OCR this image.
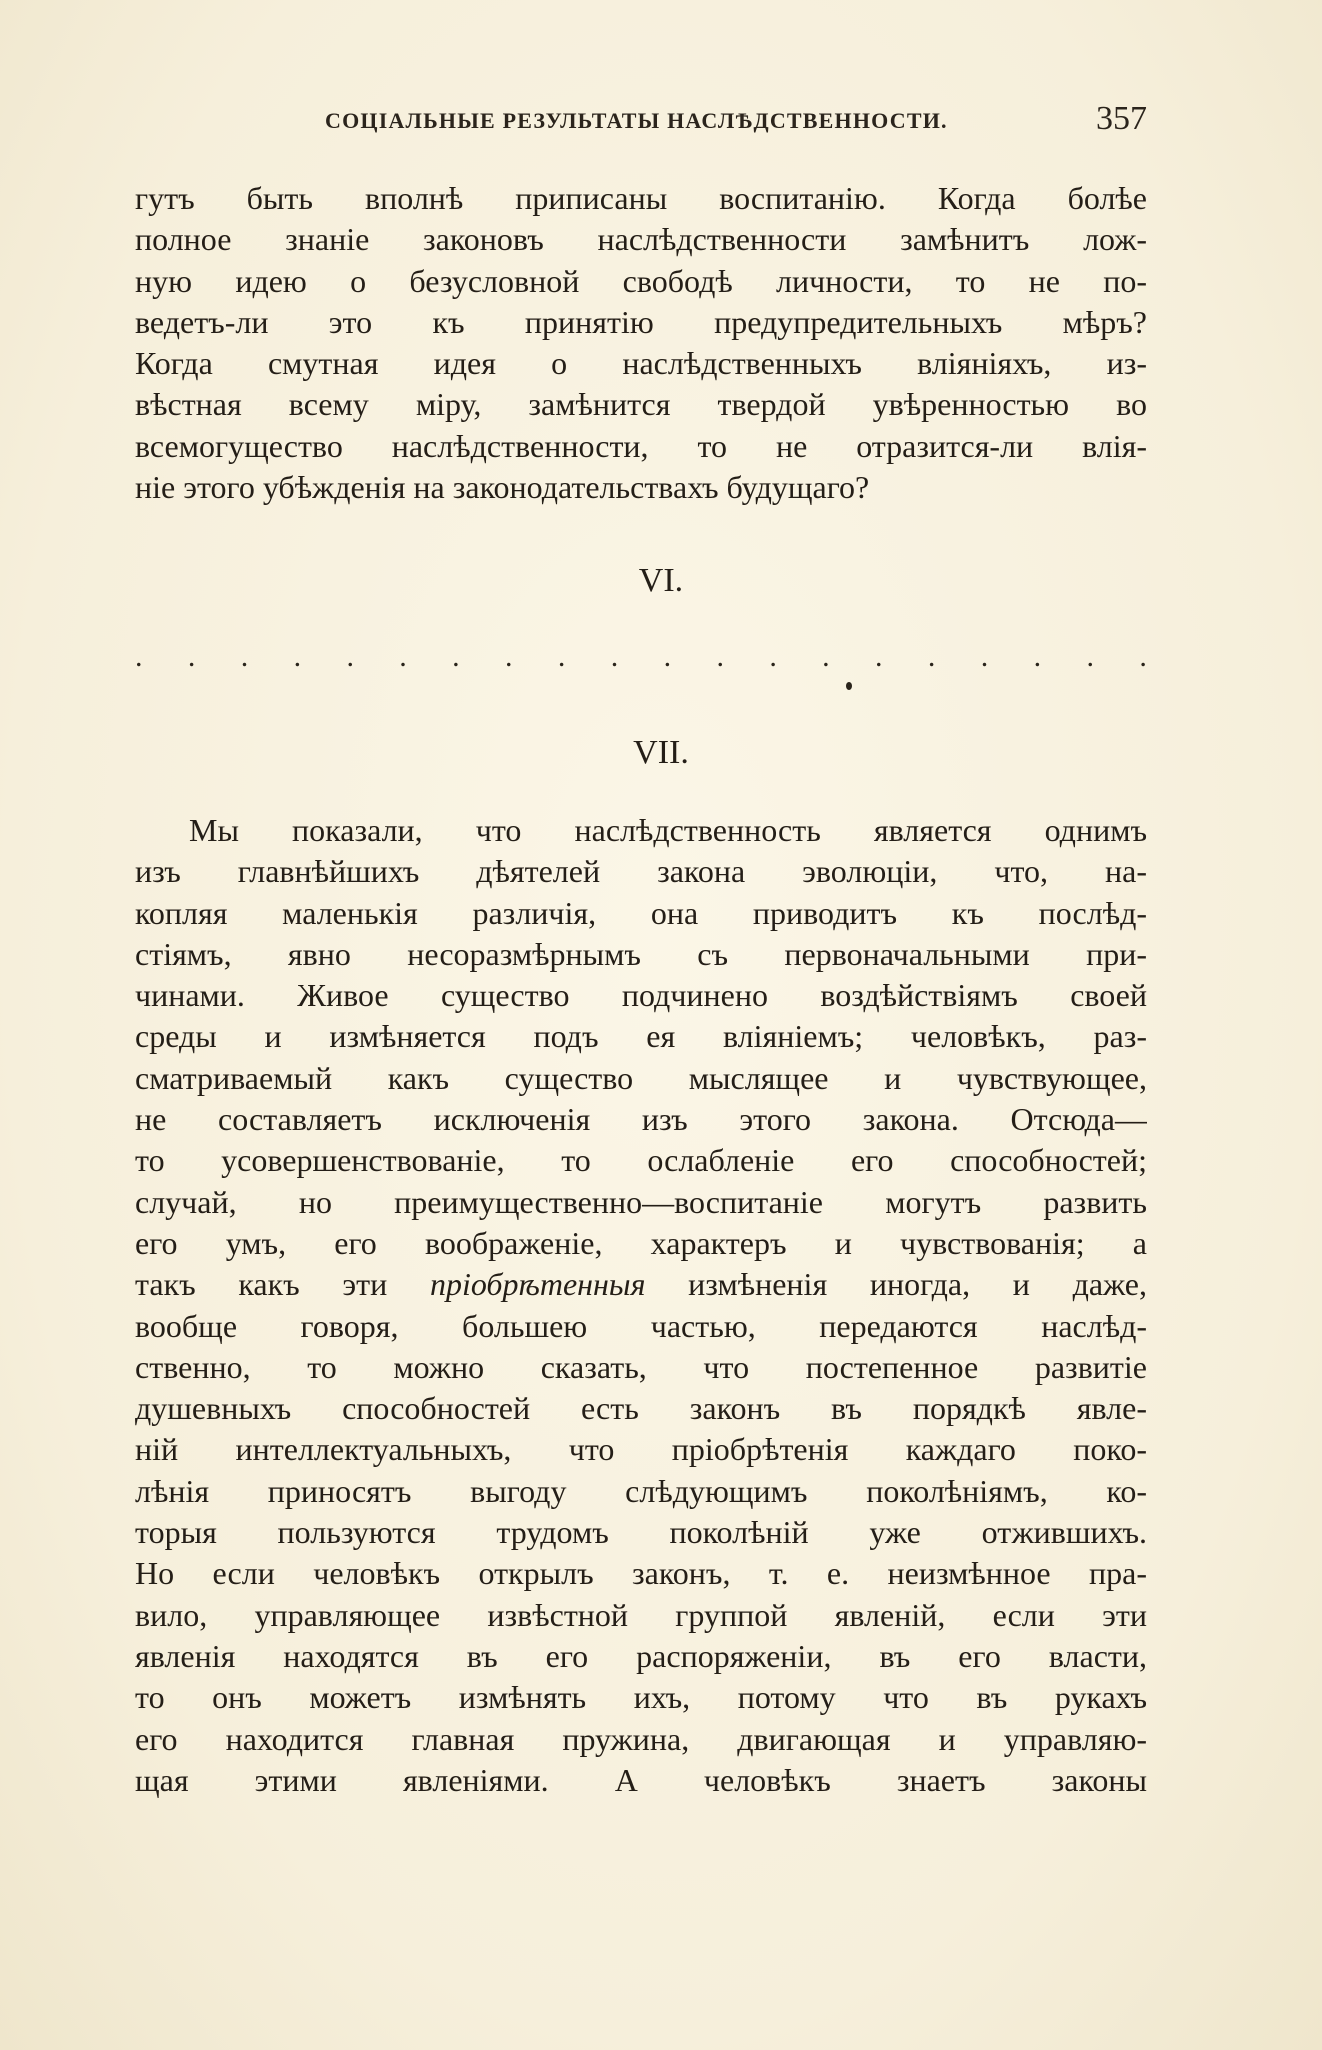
СОЦІАЛЬНЫЕ РЕЗУЛЬТАТЫ НАСЛѢДСТВЕННОСТИ.	357
гутъ быть вполнѣ приписаны воспитанію. Когда болѣе
полное знаніе законовъ наслѣдственности замѣнитъ лож-
ную идею о безусловной свободѣ личности, то не по-
ведетъ-ли это къ принятію предупредительныхъ мѣръ?
Когда смутная идея о наслѣдственныхъ вліяніяхъ, из-
вѣстная всему міру, замѣнится твердой увѣренностью во
всемогущество наслѣдственности, то не отразится-ли влія-
ніе этого убѣжденія на законодательствахъ будущаго?
VI.
. . . . . . . . . . . . . . . . . . . .
VII.
Мы показали, что наслѣдственность является однимъ
изъ главнѣйшихъ дѣятелей закона эволюціи, что, на-
копляя маленькія различія, она приводитъ къ послѣд-
стіямъ, явно несоразмѣрнымъ съ первоначальными при-
чинами. Живое существо подчинено воздѣйствіямъ своей
среды и измѣняется подъ ея вліяніемъ; человѣкъ, раз-
сматриваемый какъ существо мыслящее и чувствующее,
не составляетъ исключенія изъ этого закона. Отсюда—
то усовершенствованіе, то ослабленіе его способностей;
случай, но преимущественно—воспитаніе могутъ развить
его умъ, его воображеніе, характеръ и чувствованія; а
такъ какъ эти пріобрѣтенныя измѣненія иногда, и даже,
вообще говоря, большею частью, передаются наслѣд-
ственно, то можно сказать, что постепенное развитіе
душевныхъ способностей есть законъ въ порядкѣ явле-
ній интеллектуальныхъ, что пріобрѣтенія каждаго поко-
лѣнія приносятъ выгоду слѣдующимъ поколѣніямъ, ко-
торыя пользуются трудомъ поколѣній уже отжившихъ.
Но если человѣкъ открылъ законъ, т. е. неизмѣнное пра-
вило, управляющее извѣстной группой явленій, если эти
явленія находятся въ его распоряженіи, въ его власти,
то онъ можетъ измѣнять ихъ, потому что въ рукахъ
его находится главная пружина, двигающая и управляю-
щая этими явленіями. А человѣкъ знаетъ законы
